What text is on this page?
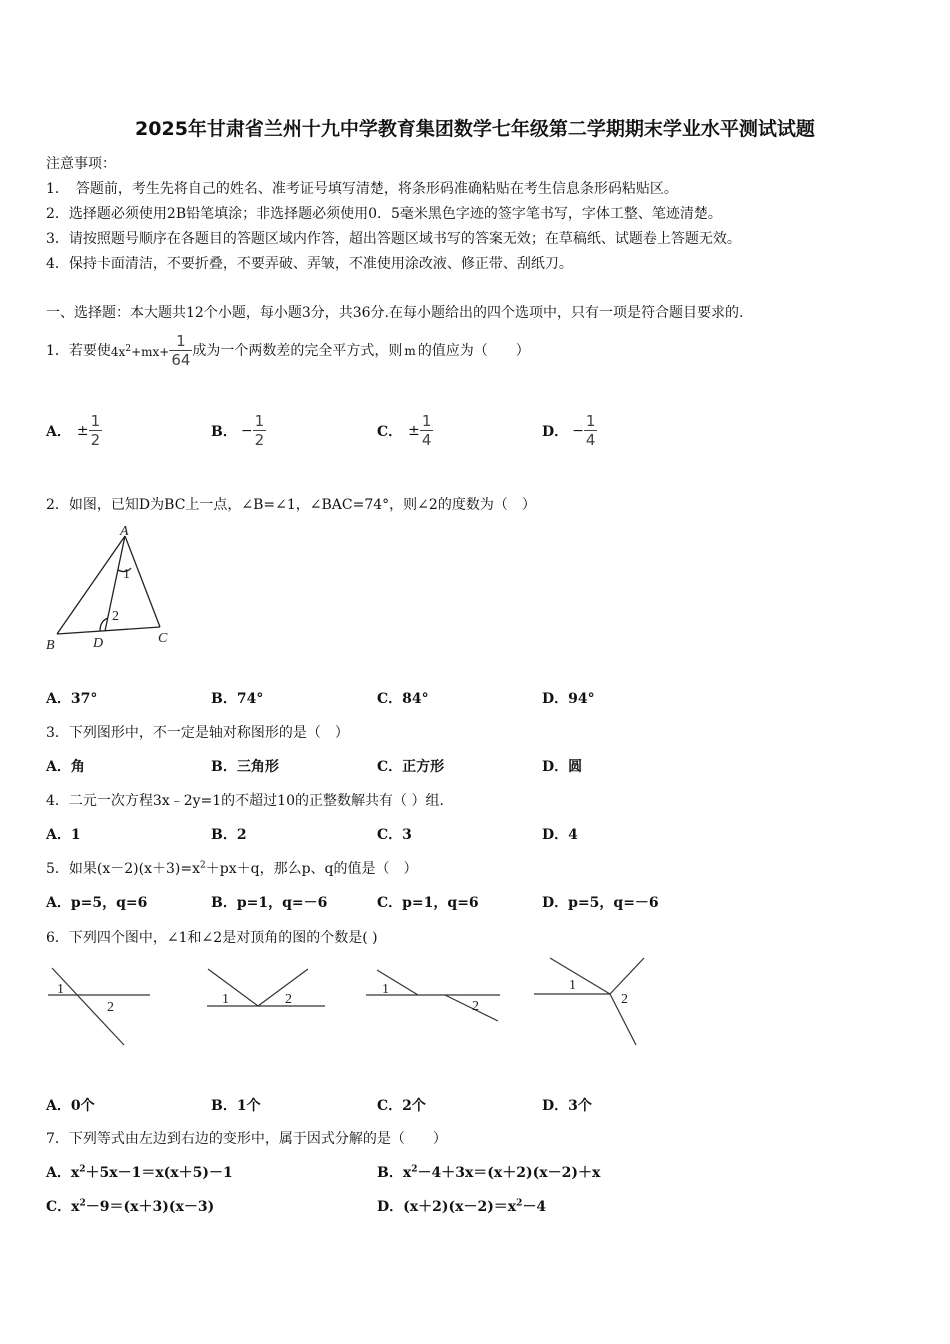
2025年甘肃省兰州十九中学教育集团数学七年级第二学期期末学业水平测试试题
注意事项：
1．　答题前，考生先将自己的姓名、准考证号填写清楚，将条形码准确粘贴在考生信息条形码粘贴区。
2．选择题必须使用2B铅笔填涂；非选择题必须使用0．5毫米黑色字迹的签字笔书写，字体工整、笔迹清楚。
3．请按照题号顺序在各题目的答题区域内作答，超出答题区域书写的答案无效；在草稿纸、试题卷上答题无效。
4．保持卡面清洁，不要折叠，不要弄破、弄皱，不准使用涂改液、修正带、刮纸刀。
一、选择题：本大题共12个小题，每小题3分，共36分.在每小题给出的四个选项中，只有一项是符合题目要求的.
1．若要使$4x^2+mx+ \frac{1}{64}$ 成为一个两数差的完全平方式，则 m 的值应为（　　）
A． ± $\frac{1}{2}$	B． − $\frac{1}{2}$	C． ± $\frac{1}{4}$	D． − $\frac{1}{4}$
2．如图，已知D为BC上一点，∠B=∠1，∠BAC=74°，则∠2的度数为（　）
A
B	C
D
1
2
A．37°	B．74°	C．84°	D．94°
3．下列图形中，不一定是轴对称图形的是（　）
A．角	B．三角形	C．正方形	D．圆
4．二元一次方程3x﹣2y=1的不超过10的正整数解共有（ ）组.
A．1	B．2	C．3	D．4
5．如果$(x-2)(x+3)=x^2+px+q$，那么p、q的值是（　）
A．p=5，q=6	B．p=1，q=－6	C．p=1，q=6	D．p=5，q=－6
6．下列四个图中，∠1和∠2是对顶角的图的个数是( )
1
2
1	2
1
2
1
2
A．0个	B．1个	C．2个	D．3个
7．下列等式由左边到右边的变形中，属于因式分解的是（　　）
A．$x^2+5x-1=x(x+5)-1$	B．$x^2-4+3x=(x+2)(x-2)+x$
C．$x^2-9=(x+3)(x-3)$	D．$(x+2)(x-2)=x^2-4$
